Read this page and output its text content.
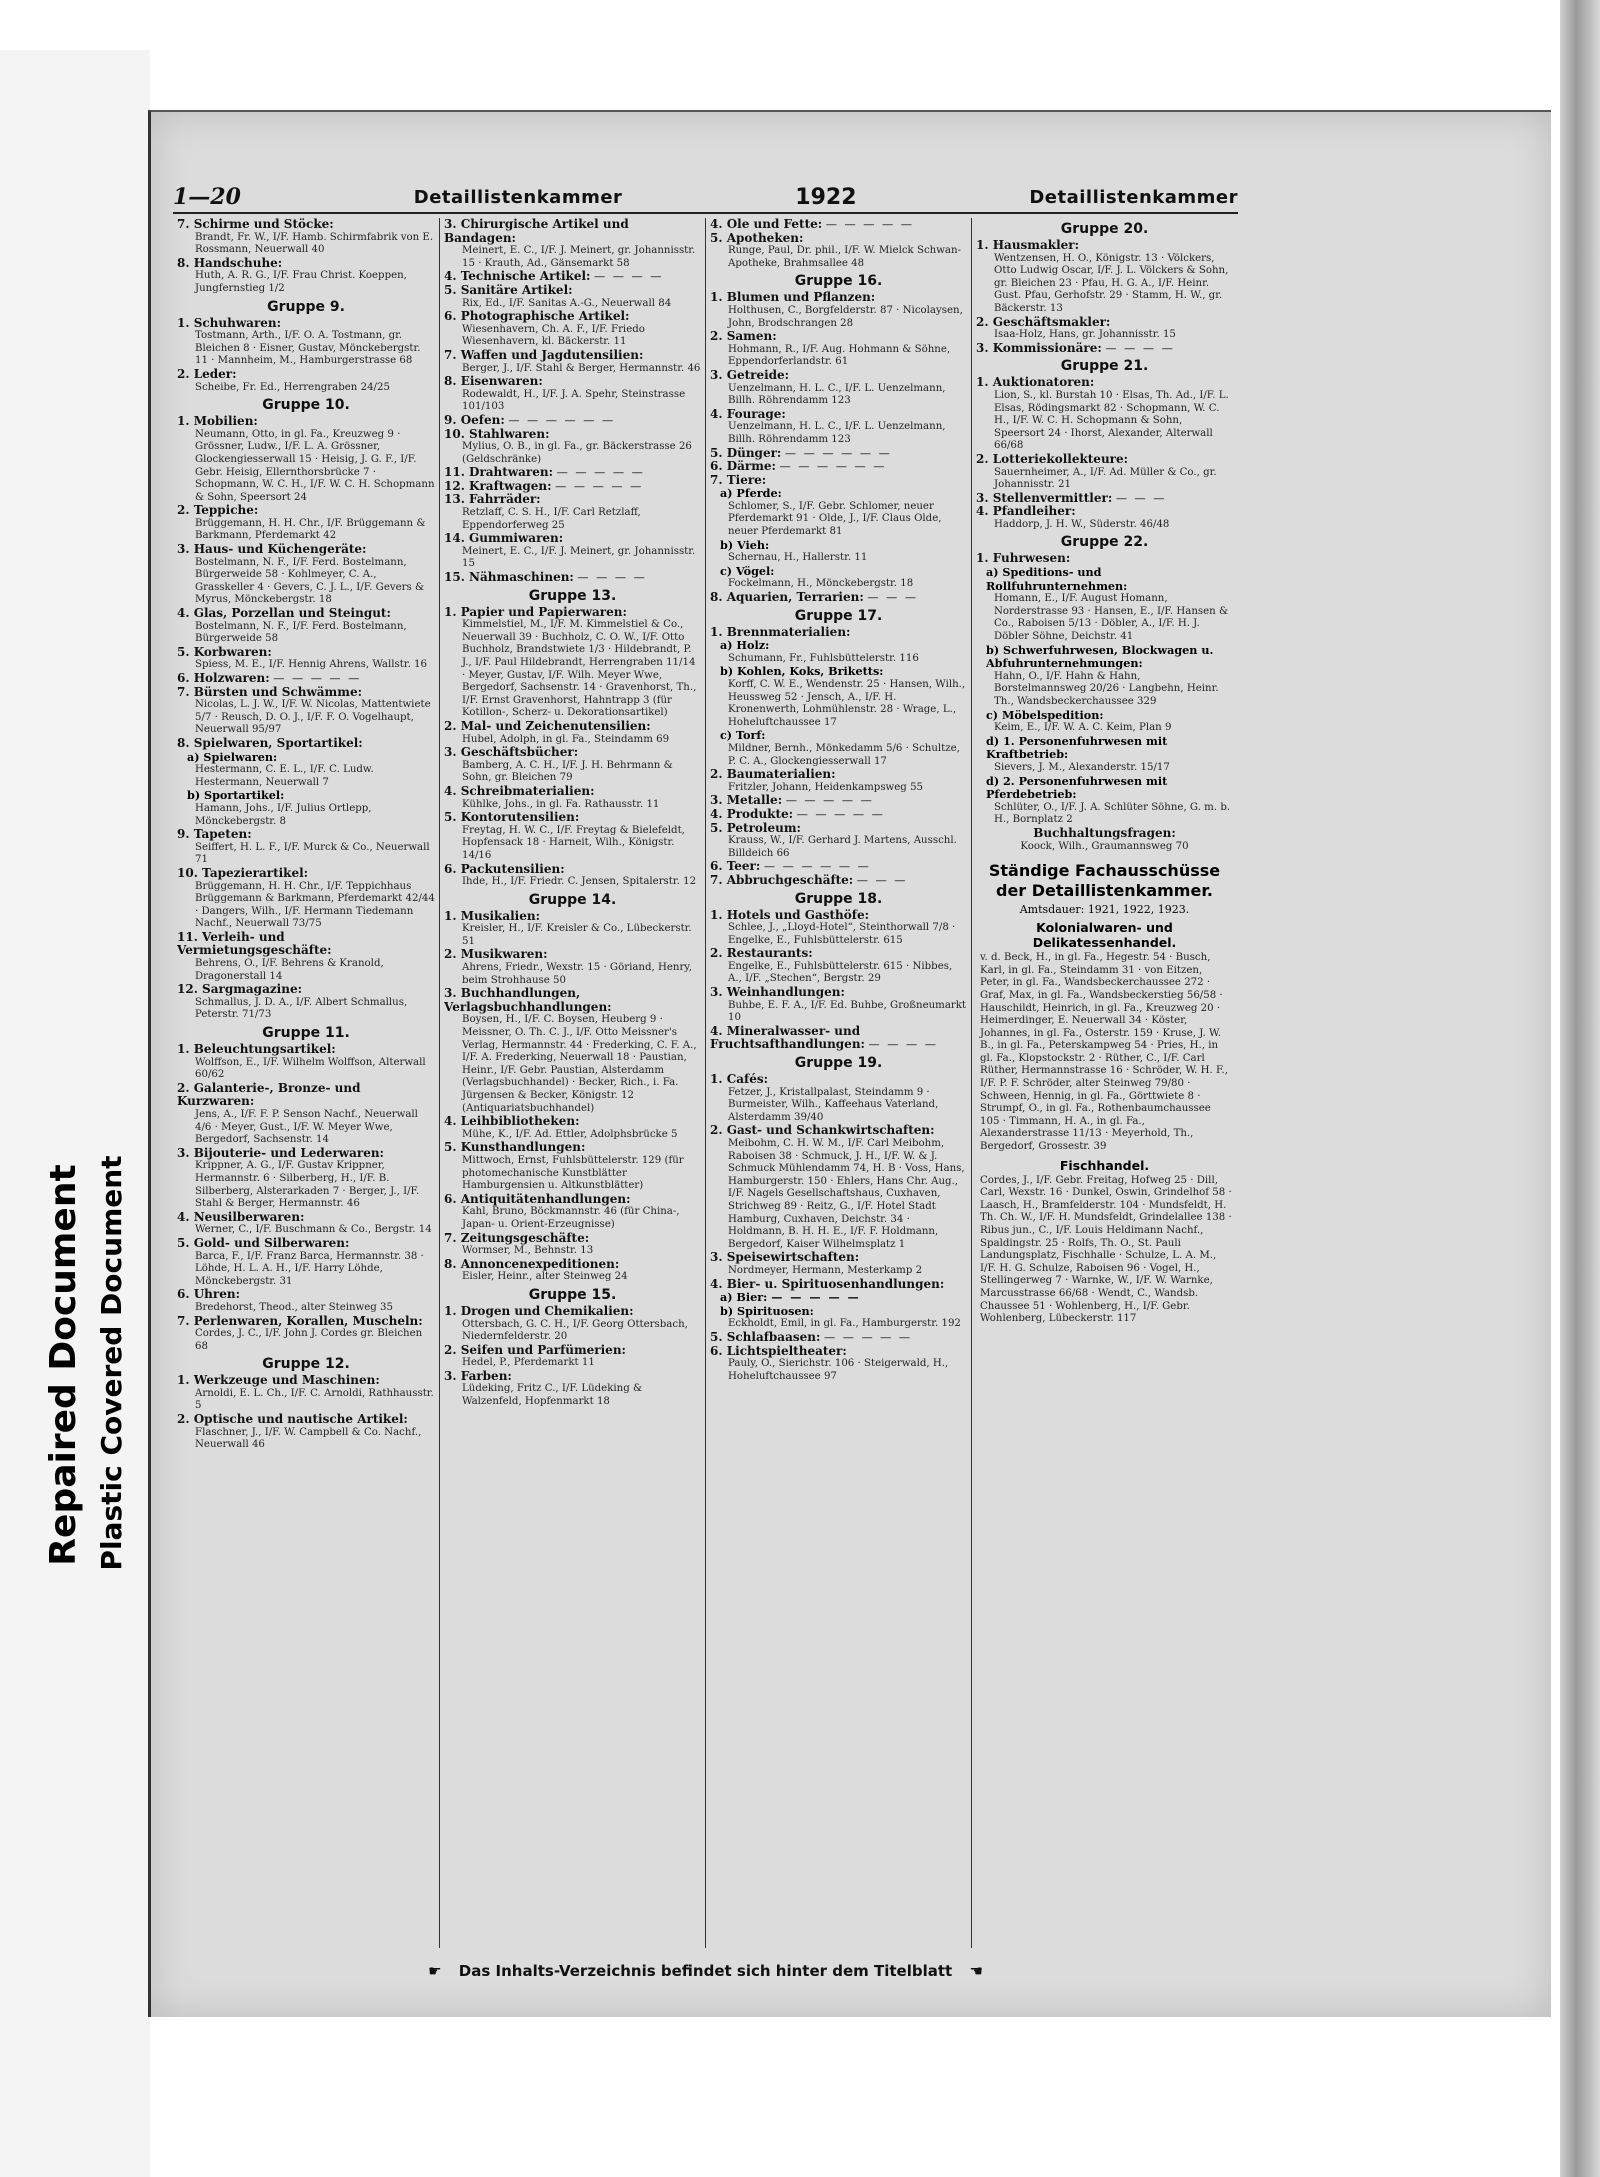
Repaired Document Plastic Covered Document
1—20	Detaillistenkammer	1922	Detaillistenkammer

7. Schirme und Stöcke:

Brandt, Fr. W., I/F. Hamb. Schirmfabrik von E. Rossmann, Neuerwall 40

8. Handschuhe:

Huth, A. R. G., I/F. Frau Christ. Koeppen, Jungfernstieg 1/2

Gruppe 9.

1. Schuhwaren:

Tostmann, Arth., I/F. O. A. Tostmann, gr. Bleichen 8 · Eisner, Gustav, Mönckebergstr. 11 · Mannheim, M., Hamburgerstrasse 68

2. Leder:

Scheibe, Fr. Ed., Herrengraben 24/25

Gruppe 10.

1. Mobilien:

Neumann, Otto, in gl. Fa., Kreuzweg 9 · Grössner, Ludw., I/F. L. A. Grössner, Glockengiesserwall 15 · Heisig, J. G. F., I/F. Gebr. Heisig, Ellernthorsbrücke 7 · Schopmann, W. C. H., I/F. W. C. H. Schopmann & Sohn, Speersort 24

2. Teppiche:

Brüggemann, H. H. Chr., I/F. Brüggemann & Barkmann, Pferdemarkt 42

3. Haus- und Küchengeräte:

Bostelmann, N. F., I/F. Ferd. Bostelmann, Bürgerweide 58 · Kohlmeyer, C. A., Grasskeller 4 · Gevers, C. J. L., I/F. Gevers & Myrus, Mönckebergstr. 18

4. Glas, Porzellan und Steingut:

Bostelmann, N. F., I/F. Ferd. Bostelmann, Bürgerweide 58

5. Korbwaren:

Spiess, M. E., I/F. Hennig Ahrens, Wallstr. 16

6. Holzwaren: — — — — —

7. Bürsten und Schwämme:

Nicolas, L. J. W., I/F. W. Nicolas, Mattentwiete 5/7 · Reusch, D. O. J., I/F. F. O. Vogelhaupt, Neuerwall 95/97

8. Spielwaren, Sportartikel:

a) Spielwaren:

Hestermann, C. E. L., I/F. C. Ludw. Hestermann, Neuerwall 7

b) Sportartikel:

Hamann, Johs., I/F. Julius Ortlepp, Mönckebergstr. 8

9. Tapeten:

Seiffert, H. L. F., I/F. Murck & Co., Neuerwall 71

10. Tapezierartikel:

Brüggemann, H. H. Chr., I/F. Teppichhaus Brüggemann & Barkmann, Pferdemarkt 42/44 · Dangers, Wilh., I/F. Hermann Tiedemann Nachf., Neuerwall 73/75

11. Verleih- und Vermietungsgeschäfte:

Behrens, O., I/F. Behrens & Kranold, Dragonerstall 14

12. Sargmagazine:

Schmallus, J. D. A., I/F. Albert Schmallus, Peterstr. 71/73

Gruppe 11.

1. Beleuchtungsartikel:

Wolffson, E., I/F. Wilhelm Wolffson, Alterwall 60/62

2. Galanterie-, Bronze- und Kurzwaren:

Jens, A., I/F. F. P. Senson Nachf., Neuerwall 4/6 · Meyer, Gust., I/F. W. Meyer Wwe, Bergedorf, Sachsenstr. 14

3. Bijouterie- und Lederwaren:

Krippner, A. G., I/F. Gustav Krippner, Hermannstr. 6 · Silberberg, H., I/F. B. Silberberg, Alsterarkaden 7 · Berger, J., I/F. Stahl & Berger, Hermannstr. 46

4. Neusilberwaren:

Werner, C., I/F. Buschmann & Co., Bergstr. 14

5. Gold- und Silberwaren:

Barca, F., I/F. Franz Barca, Hermannstr. 38 · Löhde, H. L. A. H., I/F. Harry Löhde, Mönckebergstr. 31

6. Uhren:

Bredehorst, Theod., alter Steinweg 35

7. Perlenwaren, Korallen, Muscheln:

Cordes, J. C., I/F. John J. Cordes gr. Bleichen 68

Gruppe 12.

1. Werkzeuge und Maschinen:

Arnoldi, E. L. Ch., I/F. C. Arnoldi, Rathhausstr. 5

2. Optische und nautische Artikel:

Flaschner, J., I/F. W. Campbell & Co. Nachf., Neuerwall 46

3. Chirurgische Artikel und Bandagen:

Meinert, E. C., I/F. J. Meinert, gr. Johannisstr. 15 · Krauth, Ad., Gänsemarkt 58

4. Technische Artikel: — — — —

5. Sanitäre Artikel:

Rix, Ed., I/F. Sanitas A.-G., Neuerwall 84

6. Photographische Artikel:

Wiesenhavern, Ch. A. F., I/F. Friedo Wiesenhavern, kl. Bäckerstr. 11

7. Waffen und Jagdutensilien:

Berger, J., I/F. Stahl & Berger, Hermannstr. 46

8. Eisenwaren:

Rodewaldt, H., I/F. J. A. Spehr, Steinstrasse 101/103

9. Oefen: — — — — — —

10. Stahlwaren:

Mylius, O. B., in gl. Fa., gr. Bäckerstrasse 26 (Geldschränke)

11. Drahtwaren: — — — — —

12. Kraftwagen: — — — — —

13. Fahrräder:

Retzlaff, C. S. H., I/F. Carl Retzlaff, Eppendorferweg 25

14. Gummiwaren:

Meinert, E. C., I/F. J. Meinert, gr. Johannisstr. 15

15. Nähmaschinen: — — — —

Gruppe 13.

1. Papier und Papierwaren:

Kimmelstiel, M., I/F. M. Kimmelstiel & Co., Neuerwall 39 · Buchholz, C. O. W., I/F. Otto Buchholz, Brandstwiete 1/3 · Hildebrandt, P. J., I/F. Paul Hildebrandt, Herrengraben 11/14 · Meyer, Gustav, I/F. Wilh. Meyer Wwe, Bergedorf, Sachsenstr. 14 · Gravenhorst, Th., I/F. Ernst Gravenhorst, Hahntrapp 3 (für Kotillon-, Scherz- u. Dekorationsartikel)

2. Mal- und Zeichenutensilien:

Hubel, Adolph, in gl. Fa., Steindamm 69

3. Geschäftsbücher:

Bamberg, A. C. H., I/F. J. H. Behrmann & Sohn, gr. Bleichen 79

4. Schreibmaterialien:

Kühlke, Johs., in gl. Fa. Rathausstr. 11

5. Kontorutensilien:

Freytag, H. W. C., I/F. Freytag & Bielefeldt, Hopfensack 18 · Harneit, Wilh., Königstr. 14/16

6. Packutensilien:

Ihde, H., I/F. Friedr. C. Jensen, Spitalerstr. 12

Gruppe 14.

1. Musikalien:

Kreisler, H., I/F. Kreisler & Co., Lübeckerstr. 51

2. Musikwaren:

Ahrens, Friedr., Wexstr. 15 · Göriand, Henry, beim Strohhause 50

3. Buchhandlungen, Verlagsbuchhandlungen:

Boysen, H., I/F. C. Boysen, Heuberg 9 · Meissner, O. Th. C. J., I/F. Otto Meissner's Verlag, Hermannstr. 44 · Frederking, C. F. A., I/F. A. Frederking, Neuerwall 18 · Paustian, Heinr., I/F. Gebr. Paustian, Alsterdamm (Verlagsbuchhandel) · Becker, Rich., i. Fa. Jürgensen & Becker, Königstr. 12 (Antiquariatsbuchhandel)

4. Leihbibliotheken:

Mühe, K., I/F. Ad. Ettler, Adolphsbrücke 5

5. Kunsthandlungen:

Mittwoch, Ernst, Fuhlsbüttelerstr. 129 (für photomechanische Kunstblätter Hamburgensien u. Altkunstblätter)

6. Antiquitätenhandlungen:

Kahl, Bruno, Böckmannstr. 46 (für China-, Japan- u. Orient-Erzeugnisse)

7. Zeitungsgeschäfte:

Wormser, M., Behnstr. 13

8. Annoncenexpeditionen:

Eisler, Heinr., alter Steinweg 24

Gruppe 15.

1. Drogen und Chemikalien:

Ottersbach, G. C. H., I/F. Georg Ottersbach, Niedernfelderstr. 20

2. Seifen und Parfümerien:

Hedel, P., Pferdemarkt 11

3. Farben:

Lüdeking, Fritz C., I/F. Lüdeking & Walzenfeld, Hopfenmarkt 18

4. Öle und Fette: — — — — —

5. Apotheken:

Runge, Paul, Dr. phil., I/F. W. Mielck Schwan-Apotheke, Brahmsallee 48

Gruppe 16.

1. Blumen und Pflanzen:

Holthusen, C., Borgfelderstr. 87 · Nicolaysen, John, Brodschrangen 28

2. Samen:

Hohmann, R., I/F. Aug. Hohmann & Söhne, Eppendorferlandstr. 61

3. Getreide:

Uenzelmann, H. L. C., I/F. L. Uenzelmann, Billh. Röhrendamm 123

4. Fourage:

Uenzelmann, H. L. C., I/F. L. Uenzelmann, Billh. Röhrendamm 123

5. Dünger: — — — — — —

6. Därme: — — — — — —

7. Tiere:

a) Pferde:

Schlomer, S., I/F. Gebr. Schlomer, neuer Pferdemarkt 91 · Olde, J., I/F. Claus Olde, neuer Pferdemarkt 81

b) Vieh:

Schernau, H., Hallerstr. 11

c) Vögel:

Fockelmann, H., Mönckebergstr. 18

8. Aquarien, Terrarien: — — —

Gruppe 17.

1. Brennmaterialien:

a) Holz:

Schumann, Fr., Fuhlsbüttelerstr. 116

b) Kohlen, Koks, Briketts:

Korff, C. W. E., Wendenstr. 25 · Hansen, Wilh., Heussweg 52 · Jensch, A., I/F. H. Kronenwerth, Lohmühlenstr. 28 · Wrage, L., Hoheluftchaussee 17

c) Torf:

Mildner, Bernh., Mönkedamm 5/6 · Schultze, P. C. A., Glockengiesserwall 17

2. Baumaterialien:

Fritzler, Johann, Heidenkampsweg 55

3. Metalle: — — — — —

4. Produkte: — — — — —

5. Petroleum:

Krauss, W., I/F. Gerhard J. Martens, Ausschl. Billdeich 66

6. Teer: — — — — — —

7. Abbruchgeschäfte: — — —

Gruppe 18.

1. Hotels und Gasthöfe:

Schlee, J., „Lloyd-Hotel“, Steinthorwall 7/8 · Engelke, E., Fuhlsbüttelerstr. 615

2. Restaurants:

Engelke, E., Fuhlsbüttelerstr. 615 · Nibbes, A., I/F. „Stechen“, Bergstr. 29

3. Weinhandlungen:

Buhbe, E. F. A., I/F. Ed. Buhbe, Großneumarkt 10

4. Mineralwasser- und Fruchtsafthandlungen: — — — —

Gruppe 19.

1. Cafés:

Fetzer, J., Kristallpalast, Steindamm 9 · Burmeister, Wilh., Kaffeehaus Vaterland, Alsterdamm 39/40

2. Gast- und Schankwirtschaften:

Meibohm, C. H. W. M., I/F. Carl Meibohm, Raboisen 38 · Schmuck, J. H., I/F. W. & J. Schmuck Mühlendamm 74, H. B · Voss, Hans, Hamburgerstr. 150 · Ehlers, Hans Chr. Aug., I/F. Nagels Gesellschaftshaus, Cuxhaven, Strichweg 89 · Reitz, G., I/F. Hotel Stadt Hamburg, Cuxhaven, Deichstr. 34 · Holdmann, B. H. H. E., I/F. F. Holdmann, Bergedorf, Kaiser Wilhelmsplatz 1

3. Speisewirtschaften:

Nordmeyer, Hermann, Mesterkamp 2

4. Bier- u. Spirituosenhandlungen:

a) Bier: — — — — —

b) Spirituosen:

Eckholdt, Emil, in gl. Fa., Hamburgerstr. 192

5. Schlafbaasen: — — — — —

6. Lichtspieltheater:

Pauly, O., Sierichstr. 106 · Steigerwald, H., Hoheluftchaussee 97

Gruppe 20.

1. Hausmakler:

Wentzensen, H. O., Königstr. 13 · Völckers, Otto Ludwig Oscar, I/F. J. L. Völckers & Sohn, gr. Bleichen 23 · Pfau, H. G. A., I/F. Heinr. Gust. Pfau, Gerhofstr. 29 · Stamm, H. W., gr. Bäckerstr. 13

2. Geschäftsmakler:

Isaa-Holz, Hans, gr. Johannisstr. 15

3. Kommissionäre: — — — —

Gruppe 21.

1. Auktionatoren:

Lion, S., kl. Burstah 10 · Elsas, Th. Ad., I/F. L. Elsas, Rödingsmarkt 82 · Schopmann, W. C. H., I/F. W. C. H. Schopmann & Sohn, Speersort 24 · Ihorst, Alexander, Alterwall 66/68

2. Lotteriekollekteure:

Sauernheimer, A., I/F. Ad. Müller & Co., gr. Johannisstr. 21

3. Stellenvermittler: — — —

4. Pfandleiher:

Haddorp, J. H. W., Süderstr. 46/48

Gruppe 22.

1. Fuhrwesen:

a) Speditions- und Rollfuhrunternehmen:

Homann, E., I/F. August Homann, Norderstrasse 93 · Hansen, E., I/F. Hansen & Co., Raboisen 5/13 · Döbler, A., I/F. H. J. Döbler Söhne, Deichstr. 41

b) Schwerfuhrwesen, Blockwagen u. Abfuhrunternehmungen:

Hahn, O., I/F. Hahn & Hahn, Borstelmannsweg 20/26 · Langbehn, Heinr. Th., Wandsbeckerchaussee 329

c) Möbelspedition:

Keim, E., I/F. W. A. C. Keim, Plan 9

d) 1. Personenfuhrwesen mit Kraftbetrieb:

Sievers, J. M., Alexanderstr. 15/17

d) 2. Personenfuhrwesen mit Pferdebetrieb:

Schlüter, O., I/F. J. A. Schlüter Söhne, G. m. b. H., Bornplatz 2

Buchhaltungsfragen:

Koock, Wilh., Graumannsweg 70

Ständige Fachausschüsse der Detaillistenkammer.
Amtsdauer: 1921, 1922, 1923.
Kolonialwaren- und Delikatessenhandel.

v. d. Beck, H., in gl. Fa., Hegestr. 54 · Busch, Karl, in gl. Fa., Steindamm 31 · von Eitzen, Peter, in gl. Fa., Wandsbeckerchaussee 272 · Graf, Max, in gl. Fa., Wandsbeckerstieg 56/58 · Hauschildt, Heinrich, in gl. Fa., Kreuzweg 20 · Heimerdinger, E. Neuerwall 34 · Köster, Johannes, in gl. Fa., Osterstr. 159 · Kruse, J. W. B., in gl. Fa., Peterskampweg 54 · Pries, H., in gl. Fa., Klopstockstr. 2 · Rüther, C., I/F. Carl Rüther, Hermannstrasse 16 · Schröder, W. H. F., I/F. P. F. Schröder, alter Steinweg 79/80 · Schween, Hennig, in gl. Fa., Görttwiete 8 · Strumpf, O., in gl. Fa., Rothenbaumchaussee 105 · Timmann, H. A., in gl. Fa., Alexanderstrasse 11/13 · Meyerhold, Th., Bergedorf, Grossestr. 39

Fischhandel.

Cordes, J., I/F. Gebr. Freitag, Hofweg 25 · Dill, Carl, Wexstr. 16 · Dunkel, Oswin, Grindelhof 58 · Laasch, H., Bramfelderstr. 104 · Mundsfeldt, H. Th. Ch. W., I/F. H. Mundsfeldt, Grindelallee 138 · Ribus jun., C., I/F. Louis Heldimann Nachf., Spaldingstr. 25 · Rolfs, Th. O., St. Pauli Landungsplatz, Fischhalle · Schulze, L. A. M., I/F. H. G. Schulze, Raboisen 96 · Vogel, H., Stellingerweg 7 · Warnke, W., I/F. W. Warnke, Marcusstrasse 66/68 · Wendt, C., Wandsb. Chaussee 51 · Wohlenberg, H., I/F. Gebr. Wohlenberg, Lübeckerstr. 117

☛ Das Inhalts-Verzeichnis befindet sich hinter dem Titelblatt ☚
